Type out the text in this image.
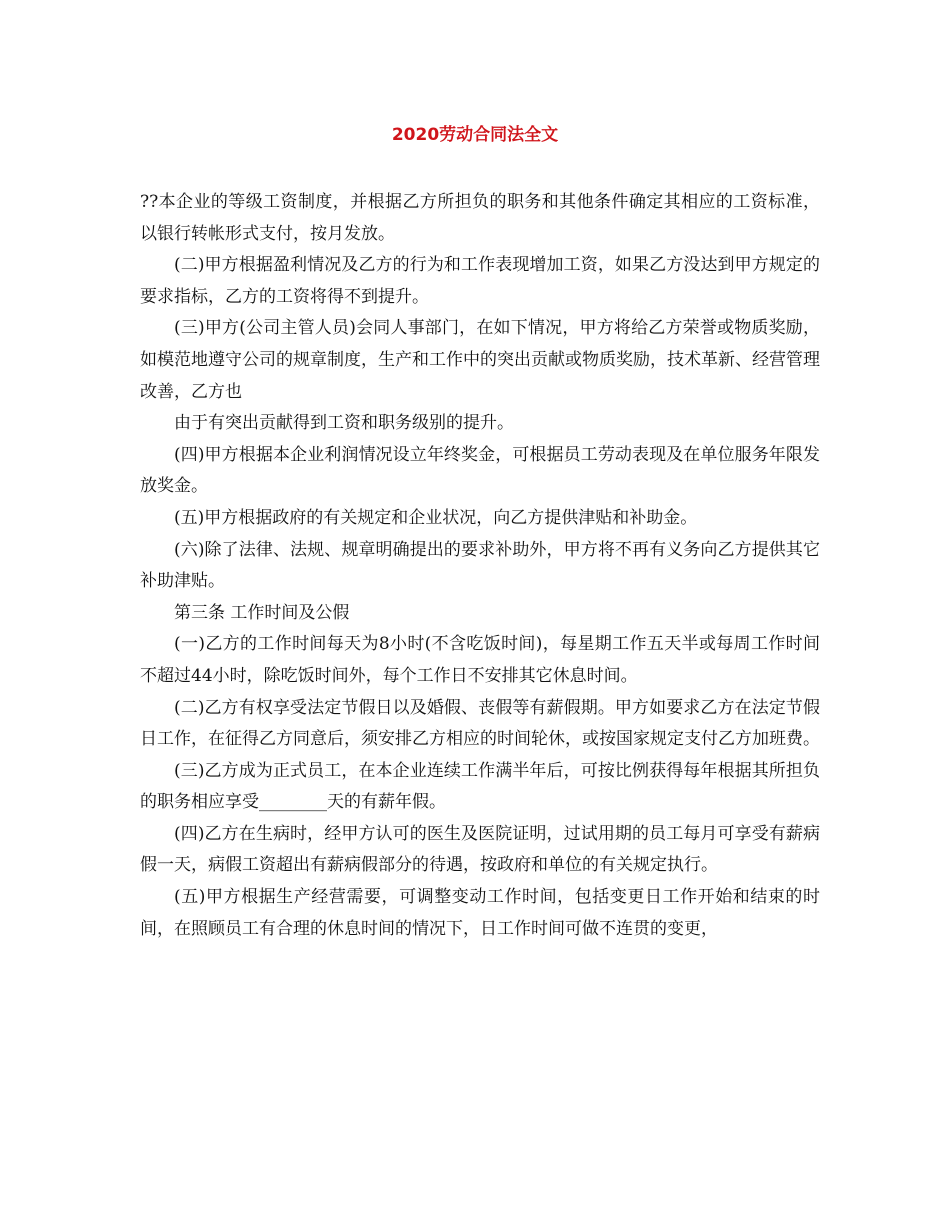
2020劳动合同法全文

??本企业的等级工资制度，并根据乙方所担负的职务和其他条件确定其相应的工资标准，以银行转帐形式支付，按月发放。

(二)甲方根据盈利情况及乙方的行为和工作表现增加工资，如果乙方没达到甲方规定的要求指标，乙方的工资将得不到提升。

(三)甲方(公司主管人员)会同人事部门，在如下情况，甲方将给乙方荣誉或物质奖励，如模范地遵守公司的规章制度，生产和工作中的突出贡献或物质奖励，技术革新、经营管理改善，乙方也

由于有突出贡献得到工资和职务级别的提升。

(四)甲方根据本企业利润情况设立年终奖金，可根据员工劳动表现及在单位服务年限发放奖金。

(五)甲方根据政府的有关规定和企业状况，向乙方提供津贴和补助金。

(六)除了法律、法规、规章明确提出的要求补助外，甲方将不再有义务向乙方提供其它补助津贴。

第三条 工作时间及公假

(一)乙方的工作时间每天为8小时(不含吃饭时间)，每星期工作五天半或每周工作时间不超过44小时，除吃饭时间外，每个工作日不安排其它休息时间。

(二)乙方有权享受法定节假日以及婚假、丧假等有薪假期。甲方如要求乙方在法定节假日工作，在征得乙方同意后，须安排乙方相应的时间轮休，或按国家规定支付乙方加班费。

(三)乙方成为正式员工，在本企业连续工作满半年后，可按比例获得每年根据其所担负的职务相应享受________天的有薪年假。

(四)乙方在生病时，经甲方认可的医生及医院证明，过试用期的员工每月可享受有薪病假一天，病假工资超出有薪病假部分的待遇，按政府和单位的有关规定执行。

(五)甲方根据生产经营需要，可调整变动工作时间，包括变更日工作开始和结束的时间，在照顾员工有合理的休息时间的情况下，日工作时间可做不连贯的变更，
